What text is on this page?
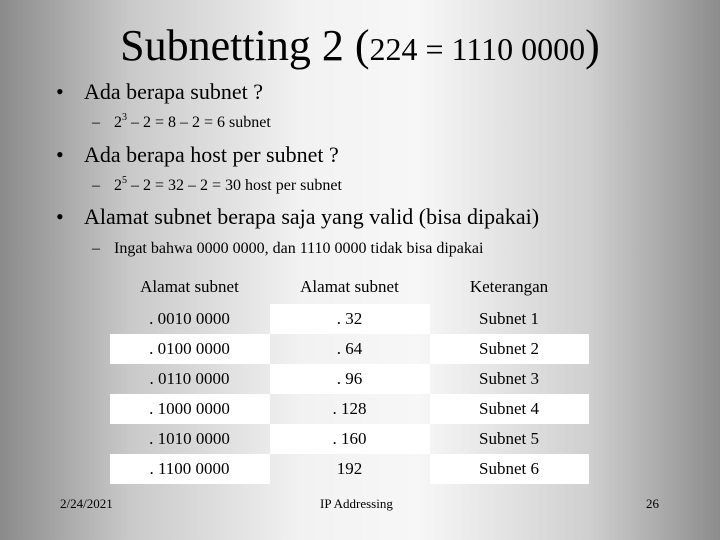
Subnetting 2 (224 = 1110 0000)
• Ada berapa subnet ?
– $2^3 - 2 = 8 - 2 = 6$ subnet
• Ada berapa host per subnet ?
– $2^5 - 2 = 32 - 2 = 30$ host per subnet
• Alamat subnet berapa saja yang valid (bisa dipakai)
– Ingat bahwa 0000 0000, dan 1110 0000 tidak bisa dipakai
Alamat subnet	Alamat subnet	Keterangan
. 0010 0000	. 32	Subnet 1
. 0100 0000	. 64	Subnet 2
. 0110 0000	. 96	Subnet 3
. 1000 0000	. 128	Subnet 4
. 1010 0000	. 160	Subnet 5
. 1100 0000	192	Subnet 6
2/24/2021	IP Addressing	26
